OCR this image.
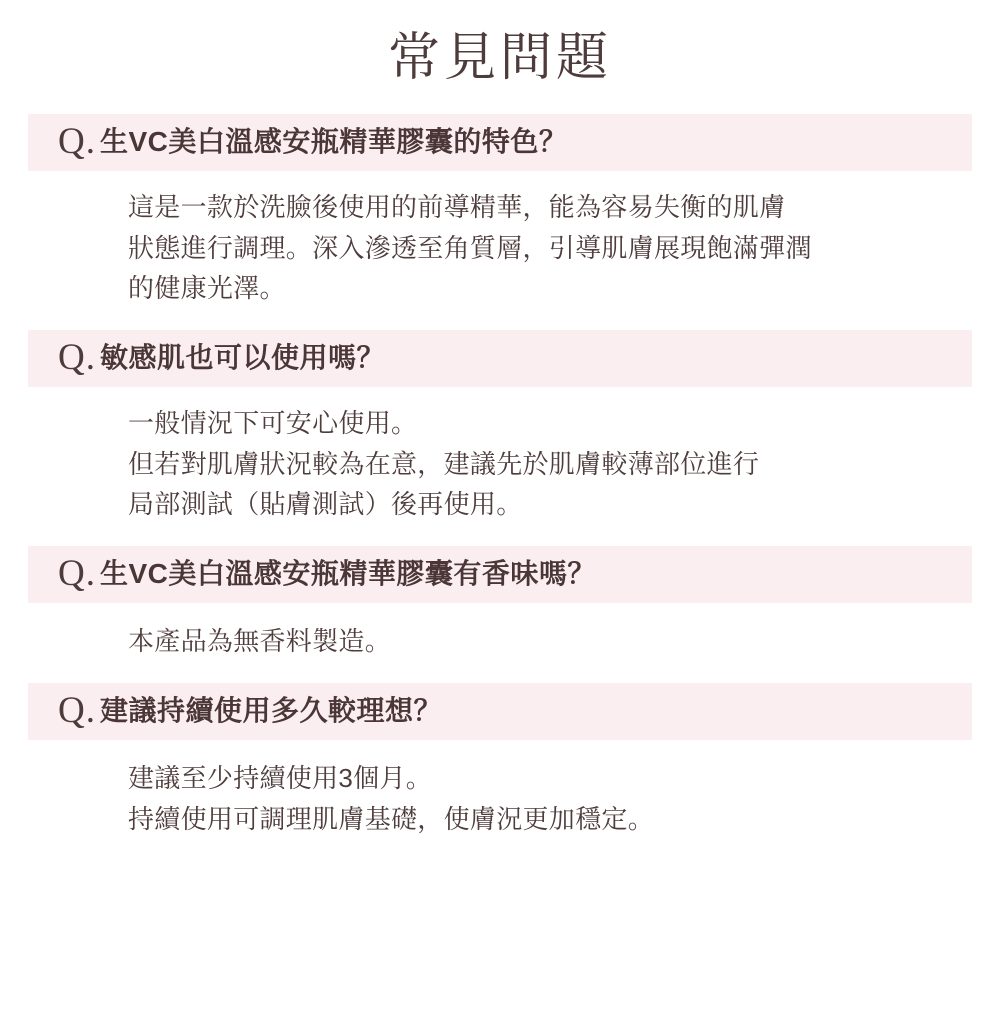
常見問題
Q. 生VC美白溫感安瓶精華膠囊的特色？
這是一款於洗臉後使用的前導精華，能為容易失衡的肌膚
狀態進行調理。深入滲透至角質層，引導肌膚展現飽滿彈潤
的健康光澤。
Q. 敏感肌也可以使用嗎？
一般情況下可安心使用。
但若對肌膚狀況較為在意，建議先於肌膚較薄部位進行
局部測試（貼膚測試）後再使用。
Q. 生VC美白溫感安瓶精華膠囊有香味嗎？
本產品為無香料製造。
Q. 建議持續使用多久較理想？
建議至少持續使用3個月。
持續使用可調理肌膚基礎，使膚況更加穩定。
